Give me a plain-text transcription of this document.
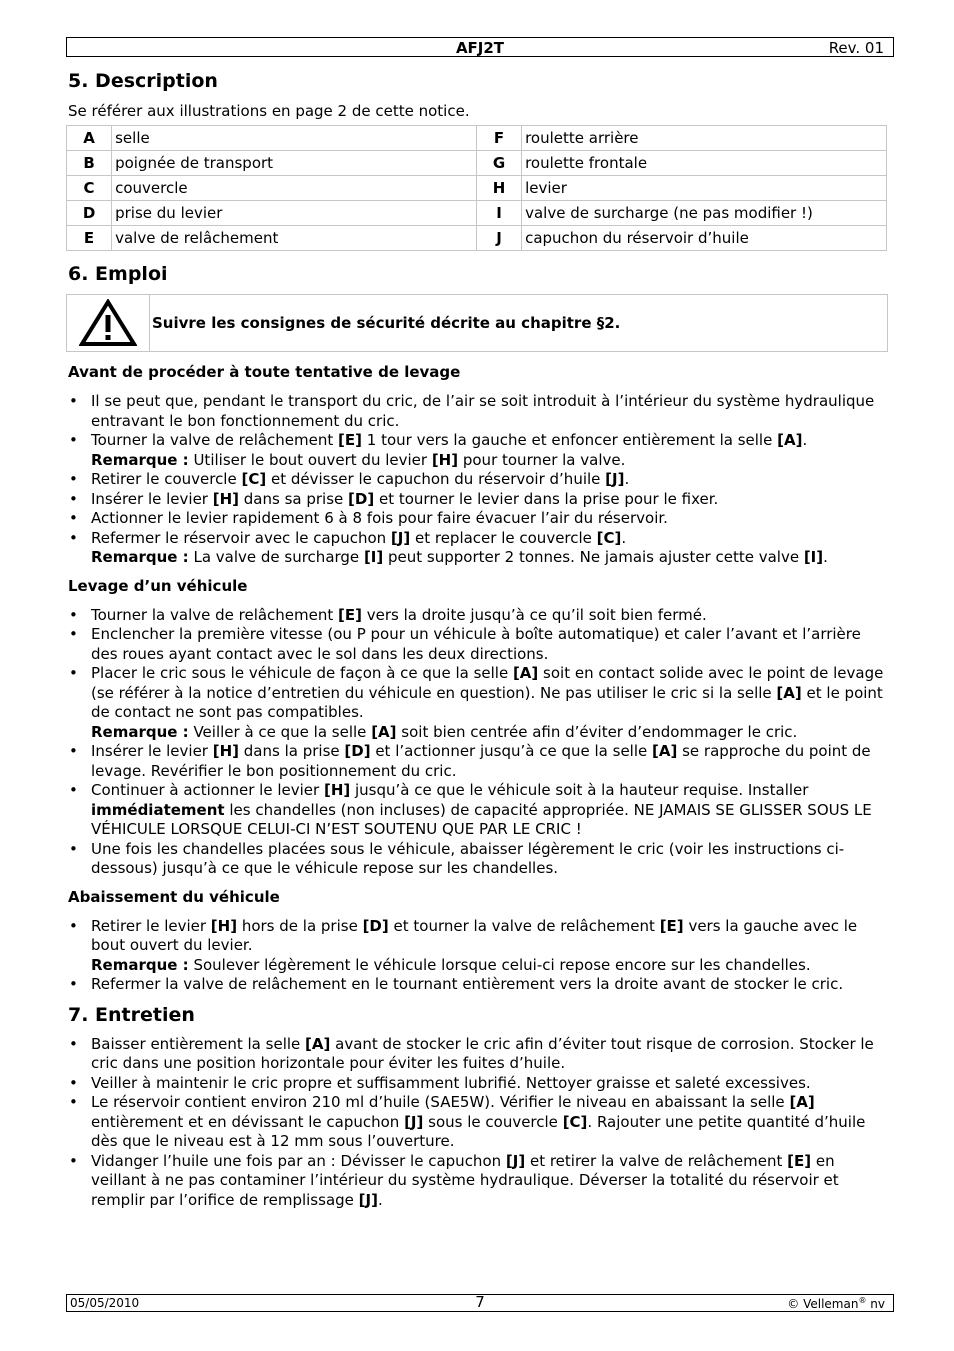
AFJ2T	Rev. 01
5. Description

Se référer aux illustrations en page 2 de cette notice.

A	selle	F	roulette arrière
B	poignée de transport	G	roulette frontale
C	couvercle	H	levier
D	prise du levier	I	valve de surcharge (ne pas modifier !)
E	valve de relâchement	J	capuchon du réservoir d’huile
6. Emploi
Suivre les consignes de sécurité décrite au chapitre §2.
Avant de procéder à toute tentative de levage
• Il se peut que, pendant le transport du cric, de l’air se soit introduit à l’intérieur du système hydraulique entravant le bon fonctionnement du cric.
• Tourner la valve de relâchement [E] 1 tour vers la gauche et enfoncer entièrement la selle [A].
Remarque : Utiliser le bout ouvert du levier [H] pour tourner la valve.
• Retirer le couvercle [C] et dévisser le capuchon du réservoir d’huile [J].
• Insérer le levier [H] dans sa prise [D] et tourner le levier dans la prise pour le fixer.
• Actionner le levier rapidement 6 à 8 fois pour faire évacuer l’air du réservoir.
• Refermer le réservoir avec le capuchon [J] et replacer le couvercle [C].
Remarque : La valve de surcharge [I] peut supporter 2 tonnes. Ne jamais ajuster cette valve [I].
Levage d’un véhicule
• Tourner la valve de relâchement [E] vers la droite jusqu’à ce qu’il soit bien fermé.
• Enclencher la première vitesse (ou P pour un véhicule à boîte automatique) et caler l’avant et l’arrière des roues ayant contact avec le sol dans les deux directions.
• Placer le cric sous le véhicule de façon à ce que la selle [A] soit en contact solide avec le point de levage (se référer à la notice d’entretien du véhicule en question). Ne pas utiliser le cric si la selle [A] et le point de contact ne sont pas compatibles.
Remarque : Veiller à ce que la selle [A] soit bien centrée afin d’éviter d’endommager le cric.
• Insérer le levier [H] dans la prise [D] et l’actionner jusqu’à ce que la selle [A] se rapproche du point de levage. Revérifier le bon positionnement du cric.
• Continuer à actionner le levier [H] jusqu’à ce que le véhicule soit à la hauteur requise. Installer immédiatement les chandelles (non incluses) de capacité appropriée. NE JAMAIS SE GLISSER SOUS LE VÉHICULE LORSQUE CELUI-CI N’EST SOUTENU QUE PAR LE CRIC !
• Une fois les chandelles placées sous le véhicule, abaisser légèrement le cric (voir les instructions ci-dessous) jusqu’à ce que le véhicule repose sur les chandelles.
Abaissement du véhicule
• Retirer le levier [H] hors de la prise [D] et tourner la valve de relâchement [E] vers la gauche avec le bout ouvert du levier.
Remarque : Soulever légèrement le véhicule lorsque celui-ci repose encore sur les chandelles.
• Refermer la valve de relâchement en le tournant entièrement vers la droite avant de stocker le cric.
7. Entretien
• Baisser entièrement la selle [A] avant de stocker le cric afin d’éviter tout risque de corrosion. Stocker le cric dans une position horizontale pour éviter les fuites d’huile.
• Veiller à maintenir le cric propre et suffisamment lubrifié. Nettoyer graisse et saleté excessives.
• Le réservoir contient environ 210 ml d’huile (SAE5W). Vérifier le niveau en abaissant la selle [A] entièrement et en dévissant le capuchon [J] sous le couvercle [C]. Rajouter une petite quantité d’huile dès que le niveau est à 12 mm sous l’ouverture.
• Vidanger l’huile une fois par an : Dévisser le capuchon [J] et retirer la valve de relâchement [E] en veillant à ne pas contaminer l’intérieur du système hydraulique. Déverser la totalité du réservoir et remplir par l’orifice de remplissage [J].
05/05/2010	7	© Velleman® nv
